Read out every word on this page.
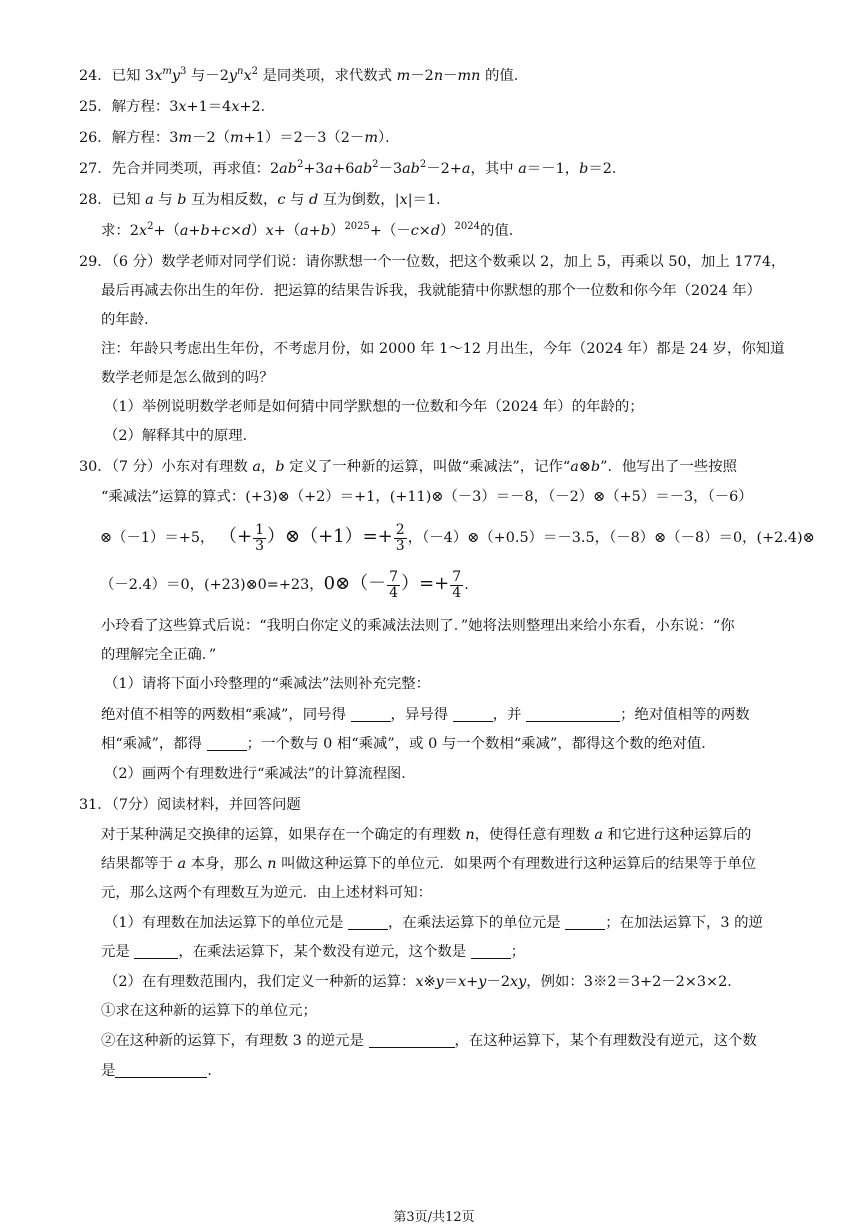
24．已知 $3x^my^3$ 与$-2y^nx^2$ 是同类项，求代数式 m－2n－mn 的值．
25．解方程：3x+1＝4x+2．
26．解方程：3m－2（m+1）＝2－3（2－m）．
27．先合并同类项，再求值：$2ab^2+3a+6ab^2-3ab^2-2+a$，其中 a＝－1，b＝2．
28．已知 a 与 b 互为相反数，c 与 d 互为倒数，|x|＝1．
求：$2x^2+(a+b+c\times d)x+(a+b)^{2025}+(-c\times d)^{2024}$的值．
29．（6 分）数学老师对同学们说：请你默想一个一位数，把这个数乘以 2，加上 5，再乘以 50，加上 1774，
最后再减去你出生的年份．把运算的结果告诉我，我就能猜中你默想的那个一位数和你今年（2024 年）
的年龄．
注：年龄只考虑出生年份，不考虑月份，如 2000 年 1～12 月出生，今年（2024 年）都是 24 岁，你知道
数学老师是怎么做到的吗？
（1）举例说明数学老师是如何猜中同学默想的一位数和今年（2024 年）的年龄的；
（2）解释其中的原理．
30．（7 分）小东对有理数 a，b 定义了一种新的运算，叫做“乘减法”，记作“a⊗b”．他写出了一些按照
“乘减法”运算的算式：(+3)⊗（+2）＝+1，(+11)⊗（－3）＝－8，（－2）⊗（+5）＝－3，（－6）
⊗（－1）＝+5， （+ $\frac{1}{3}$ ）⊗（+1）=+ $\frac{2}{3}$ ，（－4）⊗（+0.5）＝－3.5，（－8）⊗（－8）＝0，(+2.4)⊗
（－2.4）＝0，(+23)⊗0=+23，0⊗（－ $\frac{7}{4}$ ）=+ $\frac{7}{4}$ .
小玲看了这些算式后说：“我明白你定义的乘减法法则了．”她将法则整理出来给小东看，小东说：“你
的理解完全正确．”
（1）请将下面小玲整理的“乘减法”法则补充完整：
绝对值不相等的两数相“乘减”，同号得	，异号得	，并	；绝对值相等的两数
相“乘减”，都得	；一个数与 0 相“乘减”，或 0 与一个数相“乘减”，都得这个数的绝对值．
（2）画两个有理数进行“乘减法”的计算流程图．
31．（7分）阅读材料，并回答问题
对于某种满足交换律的运算，如果存在一个确定的有理数 n，使得任意有理数 a 和它进行这种运算后的
结果都等于 a 本身，那么 n 叫做这种运算下的单位元．如果两个有理数进行这种运算后的结果等于单位
元，那么这两个有理数互为逆元．由上述材料可知：
（1）有理数在加法运算下的单位元是	，在乘法运算下的单位元是	；在加法运算下，3 的逆
元是	，在乘法运算下，某个数没有逆元，这个数是	；
（2）在有理数范围内，我们定义一种新的运算：x※y＝x+y－2xy，例如：3※2＝3+2－2×3×2．
①求在这种新的运算下的单位元；
②在这种新的运算下，有理数 3 的逆元是	，在这种运算下，某个有理数没有逆元，这个数
是	．
第3页/共12页
